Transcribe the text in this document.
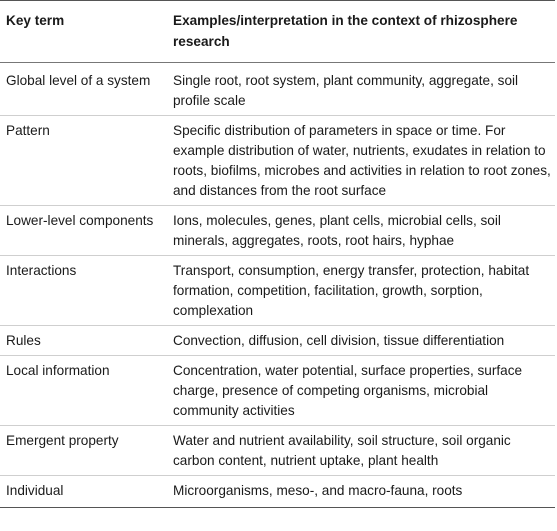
Key term	Examples/interpretation in the context of rhizosphere research
Global level of a system	Single root, root system, plant community, aggregate, soil profile scale
Pattern	Specific distribution of parameters in space or time. For example distribution of water, nutrients, exudates in relation to roots, biofilms, microbes and activities in relation to root zones, and distances from the root surface
Lower-level components	Ions, molecules, genes, plant cells, microbial cells, soil minerals, aggregates, roots, root hairs, hyphae
Interactions	Transport, consumption, energy transfer, protection, habitat formation, competition, facilitation, growth, sorption, complexation
Rules	Convection, diffusion, cell division, tissue differentiation
Local information	Concentration, water potential, surface properties, surface charge, presence of competing organisms, microbial community activities
Emergent property	Water and nutrient availability, soil structure, soil organic carbon content, nutrient uptake, plant health
Individual	Microorganisms, meso-, and macro-fauna, roots
